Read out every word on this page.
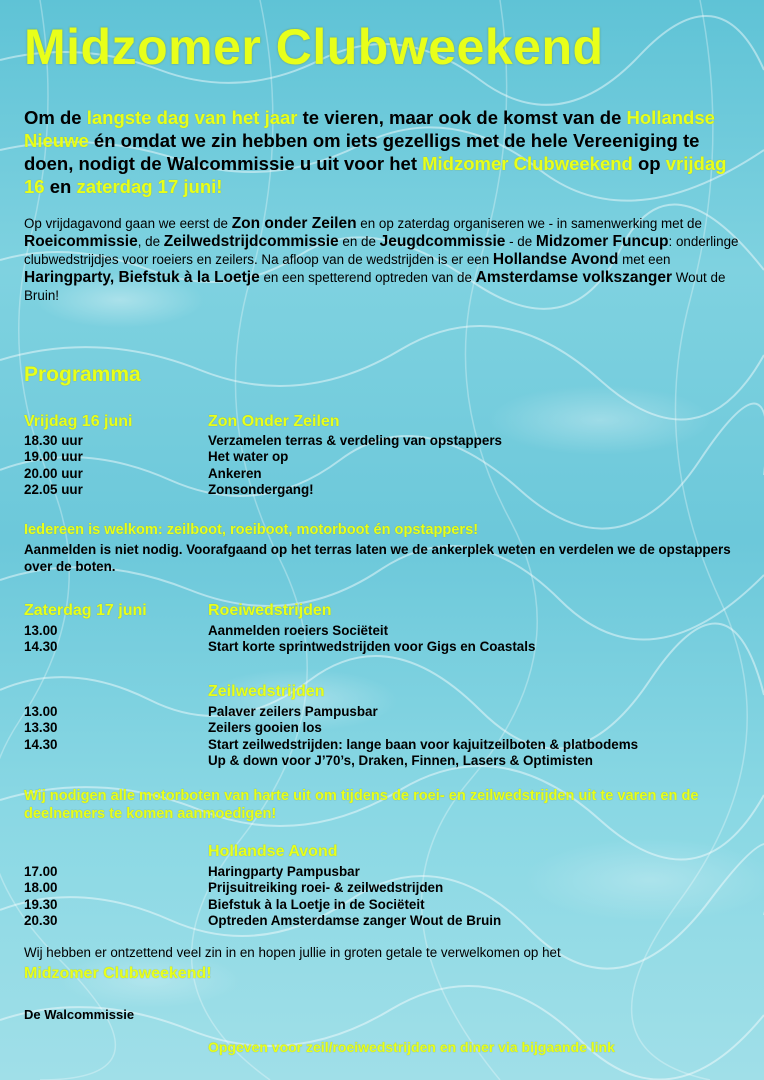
Midzomer Clubweekend

Om de langste dag van het jaar te vieren, maar ook de komst van de Hollandse Nieuwe én omdat we zin hebben om iets gezelligs met de hele Vereeniging te doen, nodigt de Walcommissie u uit voor het Midzomer Clubweekend op vrijdag 16 en zaterdag 17 juni!

Op vrijdagavond gaan we eerst de Zon onder Zeilen en op zaterdag organiseren we - in samenwerking met de Roeicommissie, de Zeilwedstrijdcommissie en de Jeugdcommissie - de Midzomer Funcup: onderlinge clubwedstrijdjes voor roeiers en zeilers. Na afloop van de wedstrijden is er een Hollandse Avond met een Haringparty, Biefstuk à la Loetje en een spetterend optreden van de Amsterdamse volkszanger Wout de Bruin!

Programma
Vrijdag 16 juni	Zon Onder Zeilen
18.30 uur	Verzamelen terras & verdeling van opstappers
19.00 uur	Het water op
20.00 uur	Ankeren
22.05 uur	Zonsondergang!

Iedereen is welkom: zeilboot, roeiboot, motorboot én opstappers!

Aanmelden is niet nodig. Voorafgaand op het terras laten we de ankerplek weten en verdelen we de opstappers over de boten.

Zaterdag 17 juni	Roeiwedstrijden
13.00	Aanmelden roeiers Sociëteit
14.30	Start korte sprintwedstrijden voor Gigs en Coastals
Zeilwedstrijden
13.00	Palaver zeilers Pampusbar
13.30	Zeilers gooien los
14.30	Start zeilwedstrijden: lange baan voor kajuitzeilboten & platbodems
Up & down voor J’70’s, Draken, Finnen, Lasers & Optimisten

Wij nodigen alle motorboten van harte uit om tijdens de roei- en zeilwedstrijden uit te varen en de deelnemers te komen aanmoedigen!

Hollandse Avond
17.00	Haringparty Pampusbar
18.00	Prijsuitreiking roei- & zeilwedstrijden
19.30	Biefstuk à la Loetje in de Sociëteit
20.30	Optreden Amsterdamse zanger Wout de Bruin

Wij hebben er ontzettend veel zin in en hopen jullie in groten getale te verwelkomen op het

Midzomer Clubweekend!

De Walcommissie

Opgeven voor zeil/roeiwedstrijden en diner via bijgaande link
